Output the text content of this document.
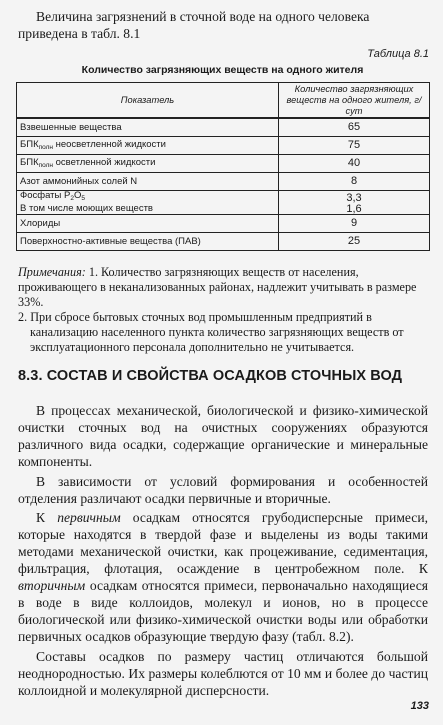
Величина загрязнений в сточной воде на одного человека приведена в табл. 8.1
Таблица 8.1
Количество загрязняющих веществ на одного жителя
Показатель	Количество загрязняющих веществ на одного жителя, г/сут
Взвешенные вещества	65
$БПК_{полн}$ неосветленной жидкости	75
$БПК_{полн}$ осветленной жидкости	40
Азот аммонийных солей N	8
Фосфаты $P_2O_5$	3,3
В том числе моющих веществ	1,6
Хлориды	9
Поверхностно-активные вещества (ПАВ)	25
Примечания: 1. Количество загрязняющих веществ от населения, проживающего в неканализованных районах, надлежит учитывать в размере 33%.
2. При сбросе бытовых сточных вод промышленным предприятий в канализацию населенного пункта количество загрязняющих веществ от эксплуатационного персонала дополнительно не учитывается.
8.3. СОСТАВ И СВОЙСТВА ОСАДКОВ СТОЧНЫХ ВОД

В процессах механической, биологической и физико-химической очистки сточных вод на очистных сооружениях образуются различного вида осадки, содержащие органические и минеральные компоненты.

В зависимости от условий формирования и особенностей отделения различают осадки первичные и вторичные.

К первичным осадкам относятся грубодисперсные примеси, которые находятся в твердой фазе и выделены из воды такими методами механической очистки, как процеживание, седиментация, фильтрация, флотация, осаждение в центробежном поле. К вторичным осадкам относятся примеси, первоначально находящиеся в воде в виде коллоидов, молекул и ионов, но в процессе биологической или физико-химической очистки воды или обработки первичных осадков образующие твердую фазу (табл. 8.2).

Составы осадков по размеру частиц отличаются большой неоднородностью. Их размеры колеблются от 10 мм и более до частиц коллоидной и молекулярной дисперсности.

133
